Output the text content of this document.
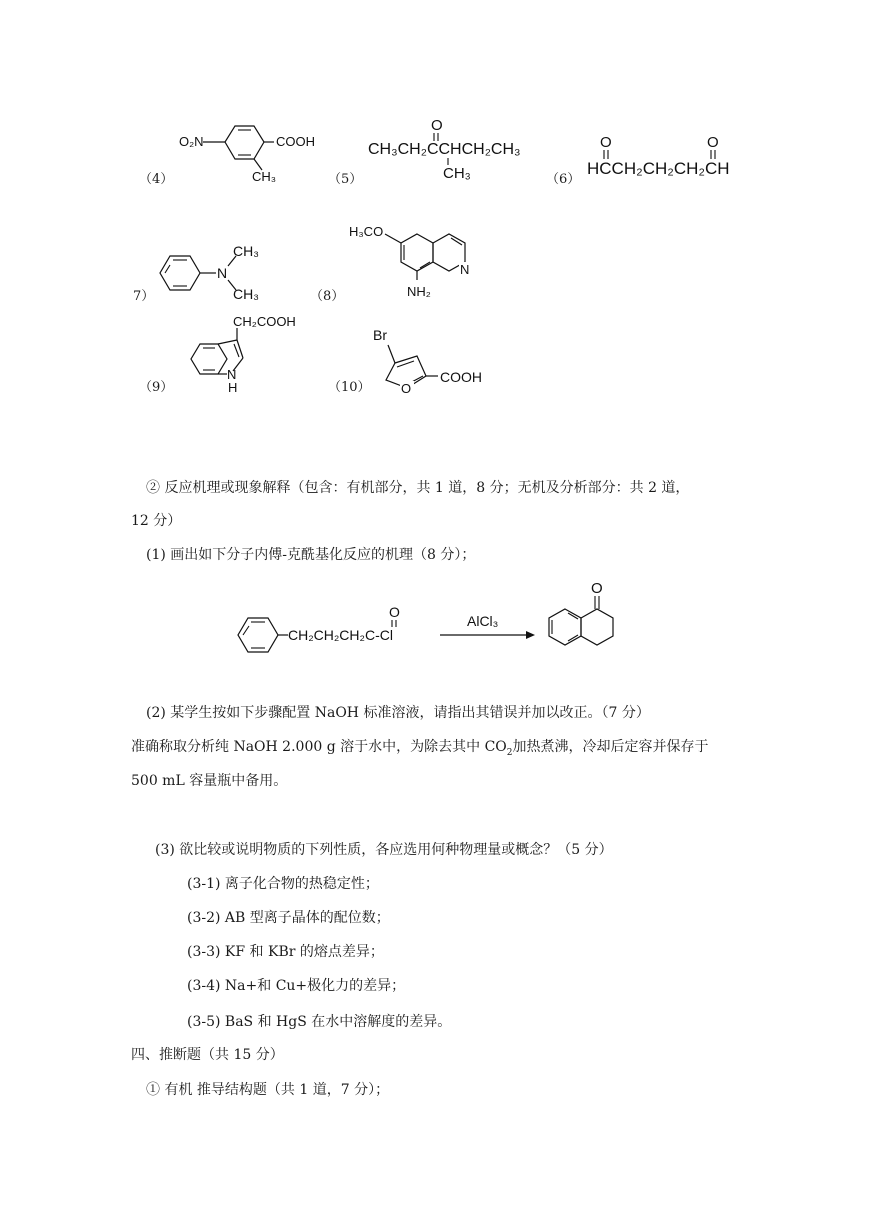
（4）
O₂N	COOH
CH₃	（5）
O
CH₃CH₂CCHCH₂CH₃
CH₃	（6）
O	O
HCCH₂CH₂CH₂CH
7）
N
CH₃
CH₃	（8）
H₃CO
N
NH₂
（9）
N
H
CH₂COOH
（10）
Br
O
COOH
② 反应机理或现象解释（包含：有机部分，共 1 道，8 分；无机及分析部分：共 2 道，
12 分）
(1) 画出如下分子内傅-克酰基化反应的机理（8 分）；
CH₂CH₂CH₂C-Cl
O
AlCl₃
O
(2) 某学生按如下步骤配置 NaOH 标准溶液，请指出其错误并加以改正。（7 分）
准确称取分析纯 NaOH 2.000 g 溶于水中，为除去其中 $CO_2$加热煮沸，冷却后定容并保存于
500 mL 容量瓶中备用。
(3) 欲比较或说明物质的下列性质，各应选用何种物理量或概念？（5 分）
(3-1) 离子化合物的热稳定性；
(3-2) AB 型离子晶体的配位数；
(3-3) KF 和 KBr 的熔点差异；
(3-4) Na+和 Cu+极化力的差异；
(3-5) BaS 和 HgS 在水中溶解度的差异。
四、推断题（共 15 分）
① 有机 推导结构题（共 1 道，7 分）；
